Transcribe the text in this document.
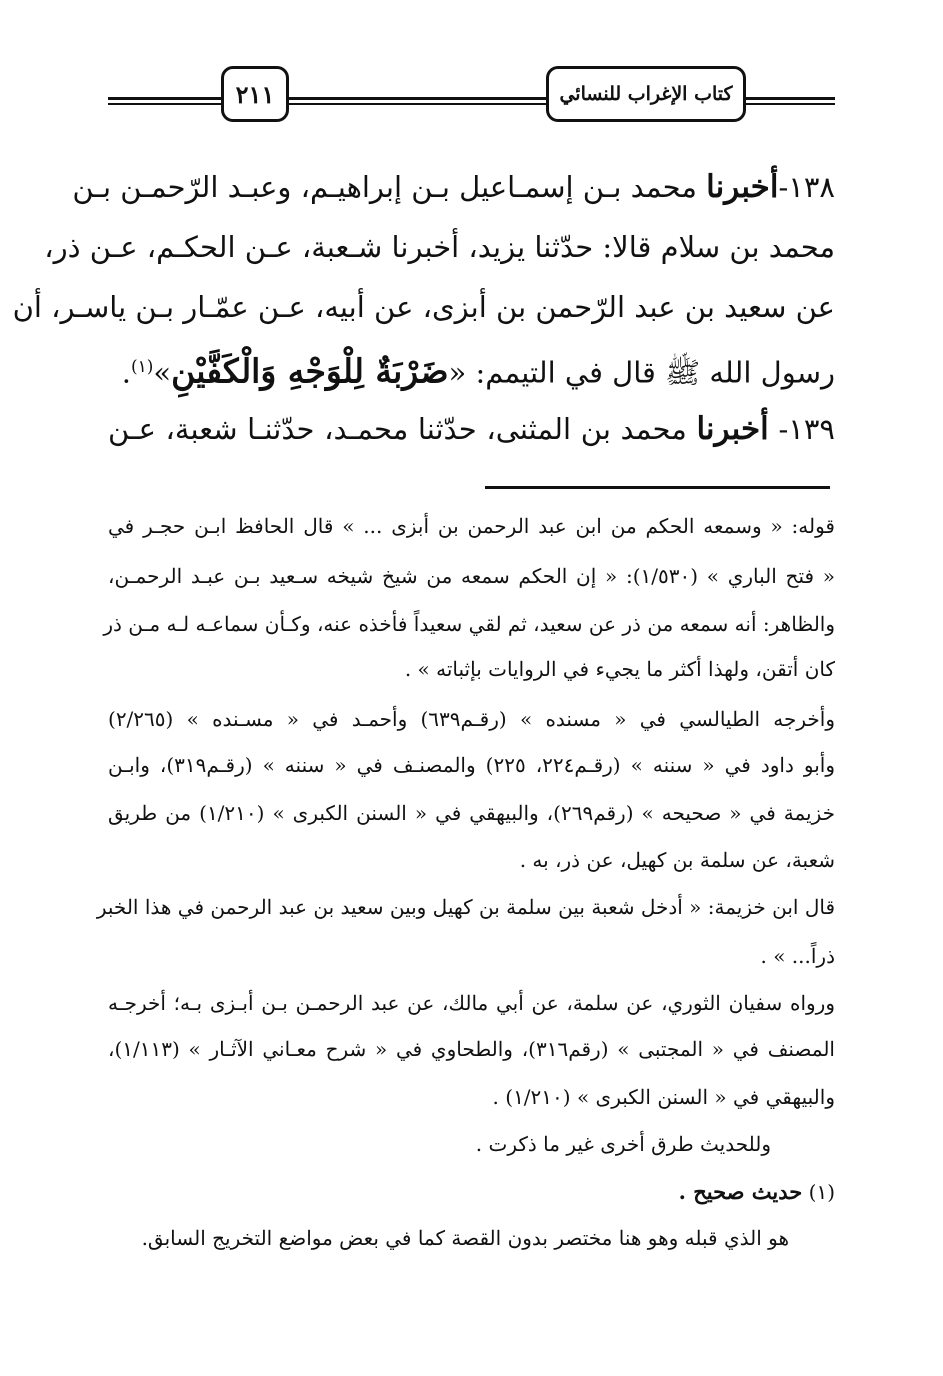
كتاب الإغراب للنسائي
٢١١
١٣٨-أخبرنا محمد بـن إسمـاعيل بـن إبراهيـم، وعبـد الرّحمـن بـن
محمد بن سلام قالا: حدّثنا يزيد، أخبرنا شـعبة، عـن الحكـم، عـن ذر،
عن سعيد بن عبد الرّحمن بن أبزى، عن أبيه، عـن عمّـار بـن ياسـر، أن
رسول الله ﷺ قال في التيمم: «ضَرْبَةٌ لِلْوَجْهِ وَالْكَفَّيْنِ»$^{(١)}$.
١٣٩- أخبرنا محمد بن المثنى، حدّثنا محمـد، حدّثنـا شعبة، عـن
قوله: « وسمعه الحكم من ابن عبد الرحمن بن أبزى ... » قال الحافظ ابـن حجـر في
« فتح الباري » (١/٥٣٠): « إن الحكم سمعه من شيخ شيخه سـعيد بـن عبـد الرحمـن،
والظاهر: أنه سمعه من ذر عن سعيد، ثم لقي سعيداً فأخذه عنه، وكـأن سماعـه لـه مـن ذر
كان أتقن، ولهذا أكثر ما يجيء في الروايات بإثباته » .
وأخرجه الطيالسي في « مسنده » (رقـم٦٣٩) وأحمـد في « مسـنده » (٢/٢٦٥)
وأبو داود في « سننه » (رقـم٢٢٤، ٢٢٥) والمصنـف في « سننه » (رقـم٣١٩)، وابـن
خزيمة في « صحيحه » (رقم٢٦٩)، والبيهقي في « السنن الكبرى » (١/٢١٠) من طريق
شعبة، عن سلمة بن كهيل، عن ذر، به .
قال ابن خزيمة: « أدخل شعبة بين سلمة بن كهيل وبين سعيد بن عبد الرحمن في هذا الخبر
ذراً... » .
ورواه سفيان الثوري، عن سلمة، عن أبي مالك، عن عبد الرحمـن بـن أبـزى بـه؛ أخرجـه
المصنف في « المجتبى » (رقم٣١٦)، والطحاوي في « شرح معـاني الآثـار » (١/١١٣)،
والبيهقي في « السنن الكبرى » (١/٢١٠) .
وللحديث طرق أخرى غير ما ذكرت .
(١) حديث صحيح .
هو الذي قبله وهو هنا مختصر بدون القصة كما في بعض مواضع التخريج السابق.
